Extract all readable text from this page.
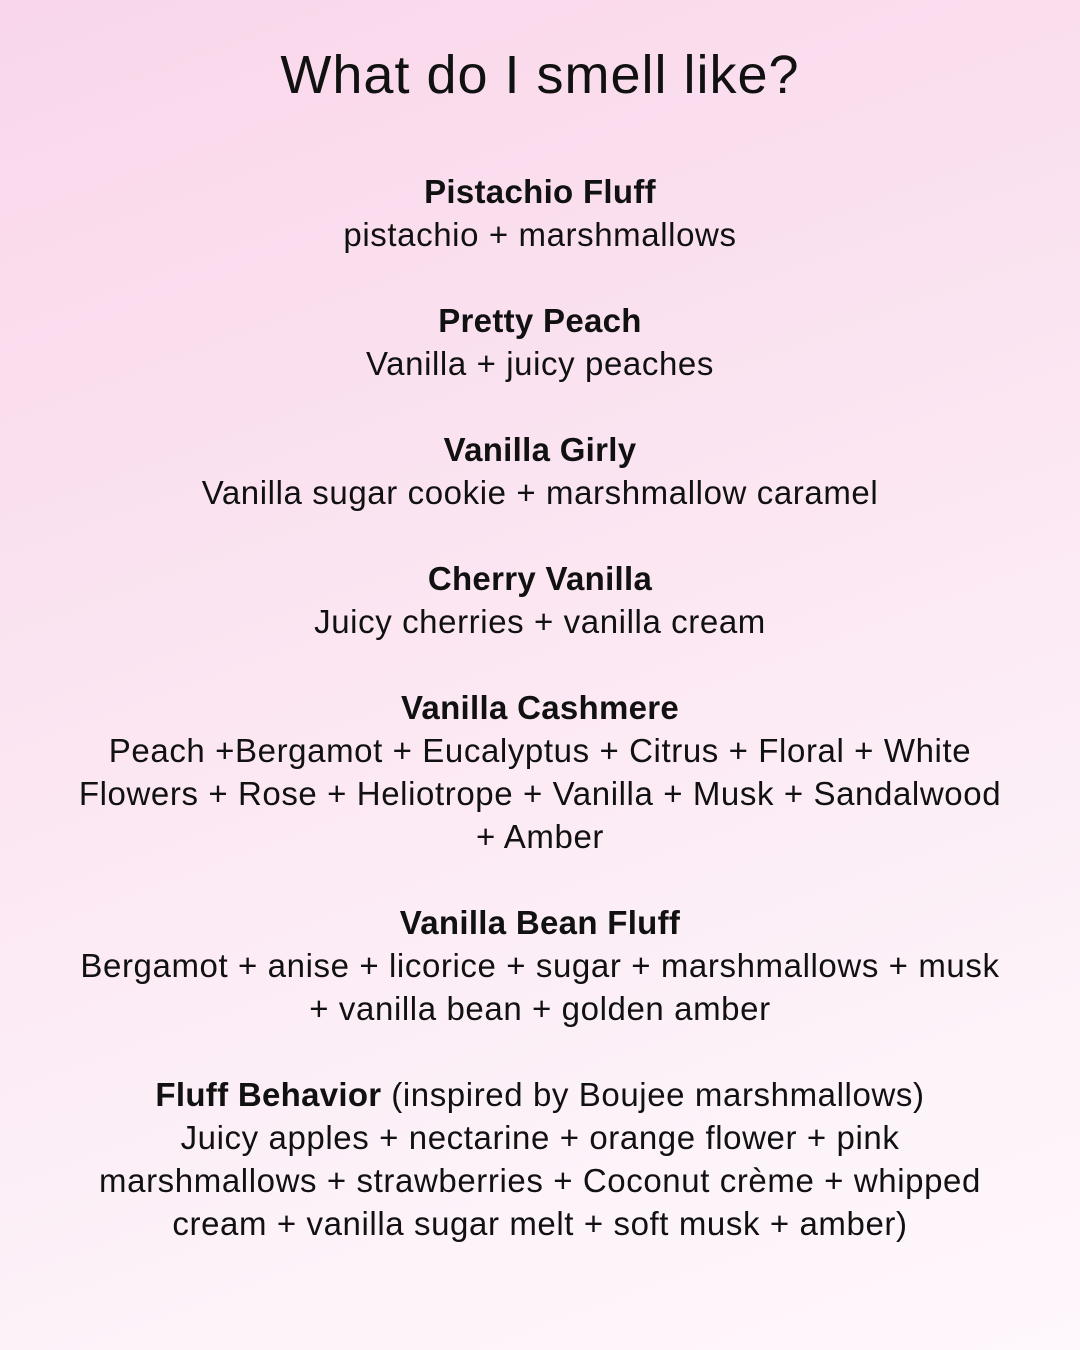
What do I smell like?
Pistachio Fluff
pistachio + marshmallows
Pretty Peach
Vanilla + juicy peaches
Vanilla Girly
Vanilla sugar cookie + marshmallow caramel
Cherry Vanilla
Juicy cherries + vanilla cream
Vanilla Cashmere
Peach +Bergamot + Eucalyptus + Citrus + Floral + White
Flowers + Rose + Heliotrope + Vanilla + Musk + Sandalwood
+ Amber
Vanilla Bean Fluff
Bergamot + anise + licorice + sugar + marshmallows + musk
+ vanilla bean + golden amber
Fluff Behavior (inspired by Boujee marshmallows)
Juicy apples + nectarine + orange flower + pink
marshmallows + strawberries + Coconut crème + whipped
cream + vanilla sugar melt + soft musk + amber)
